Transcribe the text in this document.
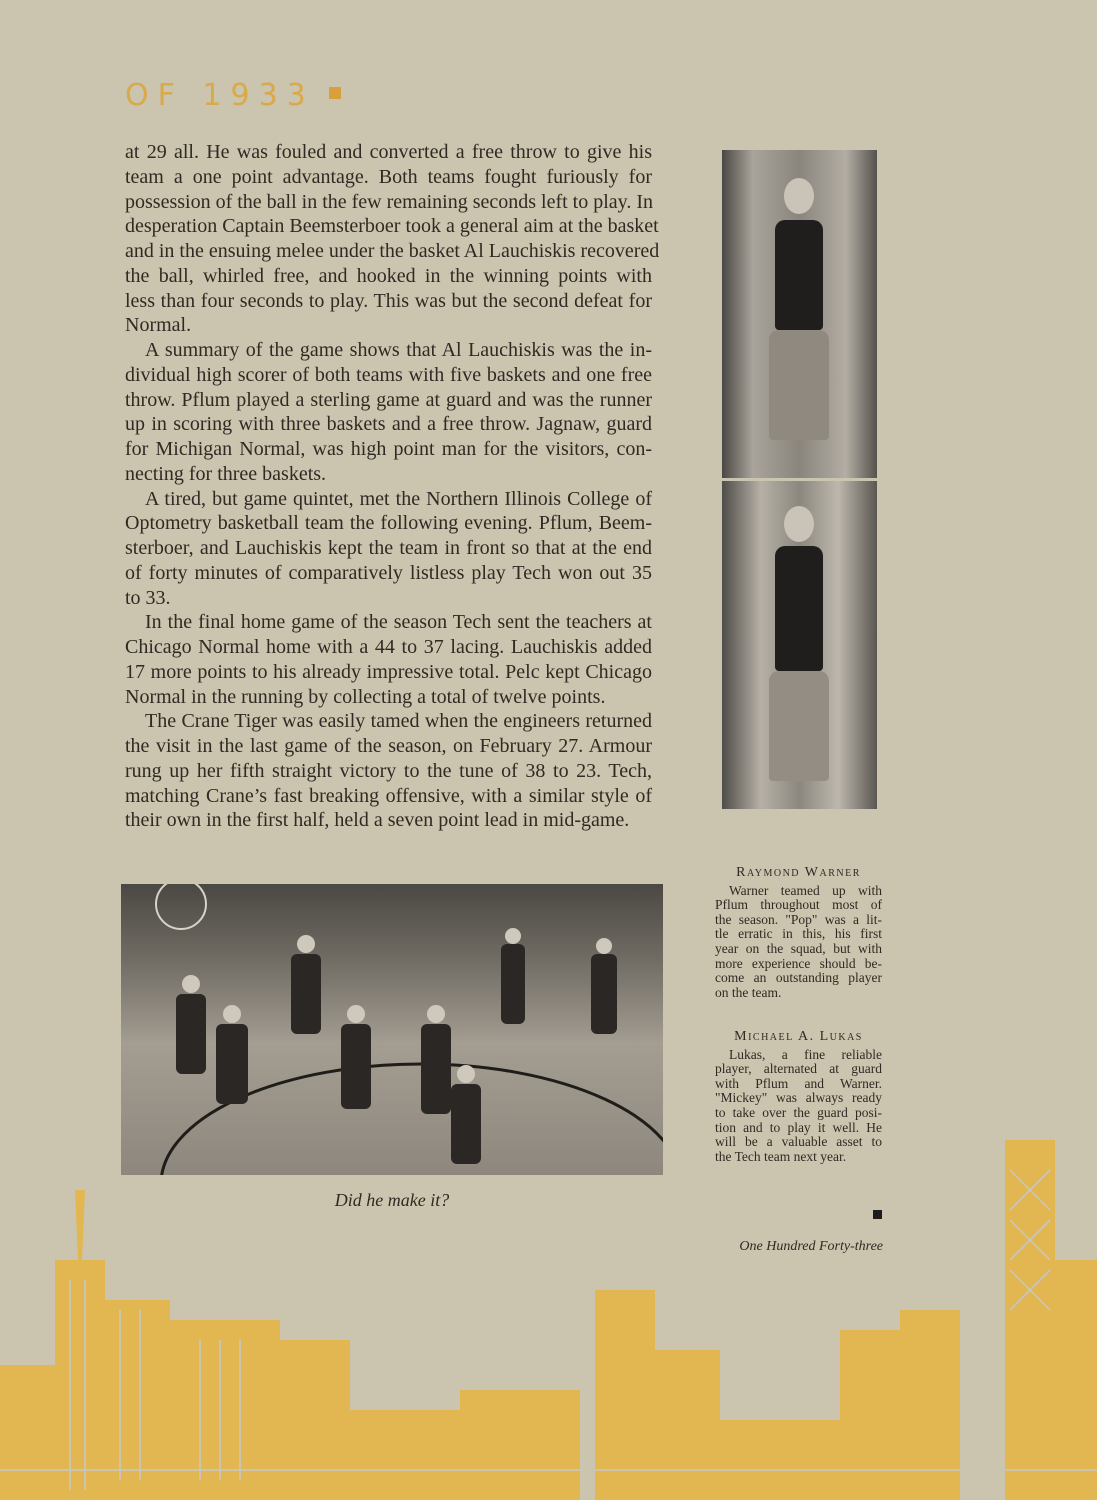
OF 1933
at 29 all. He was fouled and converted a free throw to give his
team a one point advantage. Both teams fought furiously for
possession of the ball in the few remaining seconds left to play. In
desperation Captain Beemsterboer took a general aim at the basket
and in the ensuing melee under the basket Al Lauchiskis recovered
the ball, whirled free, and hooked in the winning points with
less than four seconds to play. This was but the second defeat for
Normal.
A summary of the game shows that Al Lauchiskis was the in-
dividual high scorer of both teams with five baskets and one free
throw. Pflum played a sterling game at guard and was the runner
up in scoring with three baskets and a free throw. Jagnaw, guard
for Michigan Normal, was high point man for the visitors, con-
necting for three baskets.
A tired, but game quintet, met the Northern Illinois College of
Optometry basketball team the following evening. Pflum, Beem-
sterboer, and Lauchiskis kept the team in front so that at the end
of forty minutes of comparatively listless play Tech won out 35
to 33.
In the final home game of the season Tech sent the teachers at
Chicago Normal home with a 44 to 37 lacing. Lauchiskis added
17 more points to his already impressive total. Pelc kept Chicago
Normal in the running by collecting a total of twelve points.
The Crane Tiger was easily tamed when the engineers returned
the visit in the last game of the season, on February 27. Armour
rung up her fifth straight victory to the tune of 38 to 23. Tech,
matching Crane’s fast breaking offensive, with a similar style of
their own in the first half, held a seven point lead in mid-game.
Did he make it?
Raymond Warner
Warner teamed up with
Pflum throughout most of
the season. "Pop" was a lit-
tle erratic in this, his first
year on the squad, but with
more experience should be-
come an outstanding player
on the team.
Michael A. Lukas
Lukas, a fine reliable
player, alternated at guard
with Pflum and Warner.
"Mickey" was always ready
to take over the guard posi-
tion and to play it well. He
will be a valuable asset to
the Tech team next year.
One Hundred Forty-three
